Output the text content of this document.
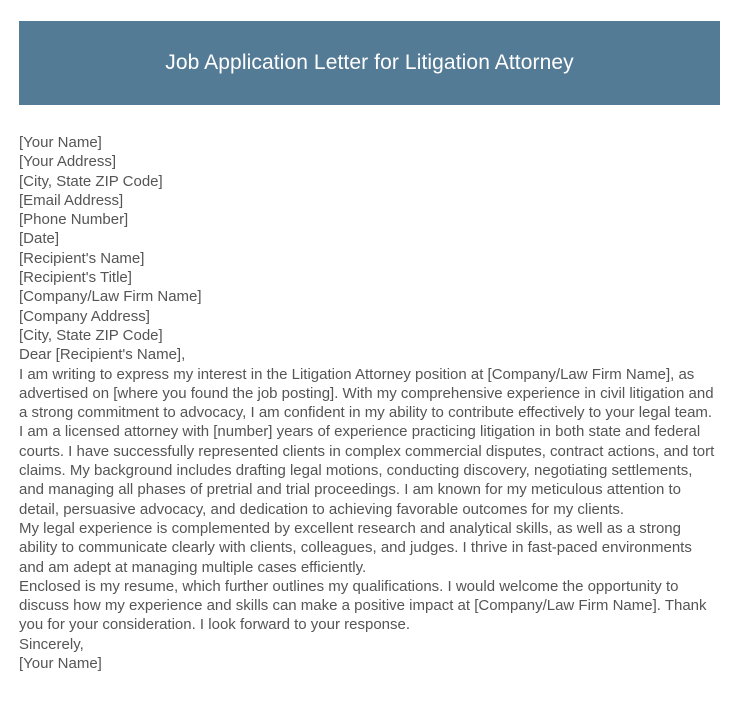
Job Application Letter for Litigation Attorney

[Your Name]

[Your Address]

[City, State ZIP Code]

[Email Address]

[Phone Number]

[Date]

[Recipient's Name]

[Recipient's Title]

[Company/Law Firm Name]

[Company Address]

[City, State ZIP Code]

Dear [Recipient's Name],

I am writing to express my interest in the Litigation Attorney position at [Company/Law Firm Name], as advertised on [where you found the job posting]. With my comprehensive experience in civil litigation and a strong commitment to advocacy, I am confident in my ability to contribute effectively to your legal team.

I am a licensed attorney with [number] years of experience practicing litigation in both state and federal courts. I have successfully represented clients in complex commercial disputes, contract actions, and tort claims. My background includes drafting legal motions, conducting discovery, negotiating settlements, and managing all phases of pretrial and trial proceedings. I am known for my meticulous attention to detail, persuasive advocacy, and dedication to achieving favorable outcomes for my clients.

My legal experience is complemented by excellent research and analytical skills, as well as a strong ability to communicate clearly with clients, colleagues, and judges. I thrive in fast-paced environments and am adept at managing multiple cases efficiently.

Enclosed is my resume, which further outlines my qualifications. I would welcome the opportunity to discuss how my experience and skills can make a positive impact at [Company/Law Firm Name]. Thank you for your consideration. I look forward to your response.

Sincerely,

[Your Name]
